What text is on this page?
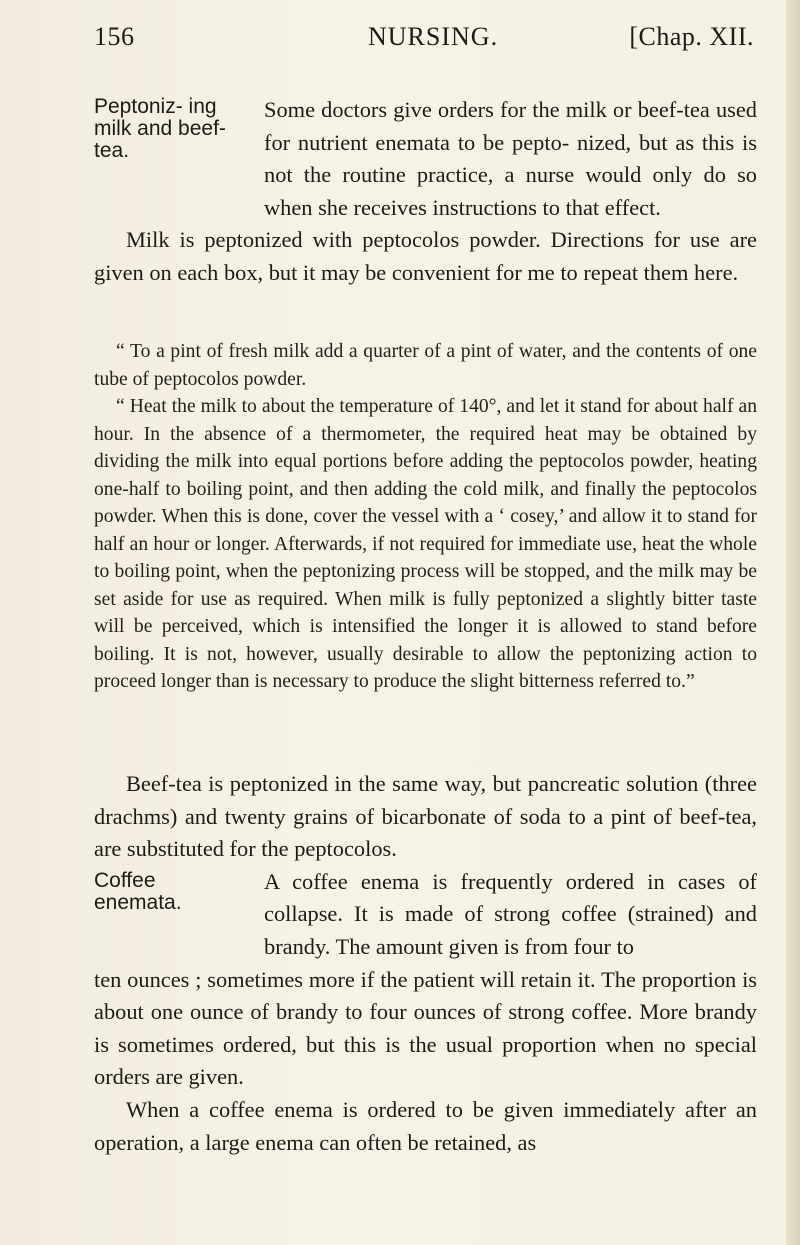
156	NURSING.	[Chap. XII.
Peptoniz- ing milk and beef- tea.

Some doctors give orders for the milk or beef-tea used for nutrient enemata to be pepto- nized, but as this is not the routine practice, a nurse would only do so when she receives instructions to that effect.

Milk is peptonized with peptocolos powder. Directions for use are given on each box, but it may be convenient for me to repeat them here.

“ To a pint of fresh milk add a quarter of a pint of water, and the contents of one tube of peptocolos powder.

“ Heat the milk to about the temperature of 140°, and let it stand for about half an hour. In the absence of a thermometer, the required heat may be obtained by dividing the milk into equal portions before adding the peptocolos powder, heating one-half to boiling point, and then adding the cold milk, and finally the peptocolos powder. When this is done, cover the vessel with a ‘ cosey,’ and allow it to stand for half an hour or longer. Afterwards, if not required for immediate use, heat the whole to boiling point, when the peptonizing process will be stopped, and the milk may be set aside for use as required. When milk is fully peptonized a slightly bitter taste will be perceived, which is intensified the longer it is allowed to stand before boiling. It is not, however, usually desirable to allow the peptonizing action to proceed longer than is necessary to produce the slight bitterness referred to.”

Coffee enemata.

Beef-tea is peptonized in the same way, but pancreatic solution (three drachms) and twenty grains of bicarbonate of soda to a pint of beef-tea, are substituted for the peptocolos.

A coffee enema is frequently ordered in cases of collapse. It is made of strong coffee (strained) and brandy. The amount given is from four to

ten ounces ; sometimes more if the patient will retain it. The proportion is about one ounce of brandy to four ounces of strong coffee. More brandy is sometimes ordered, but this is the usual proportion when no special orders are given.

When a coffee enema is ordered to be given immediately after an operation, a large enema can often be retained, as
